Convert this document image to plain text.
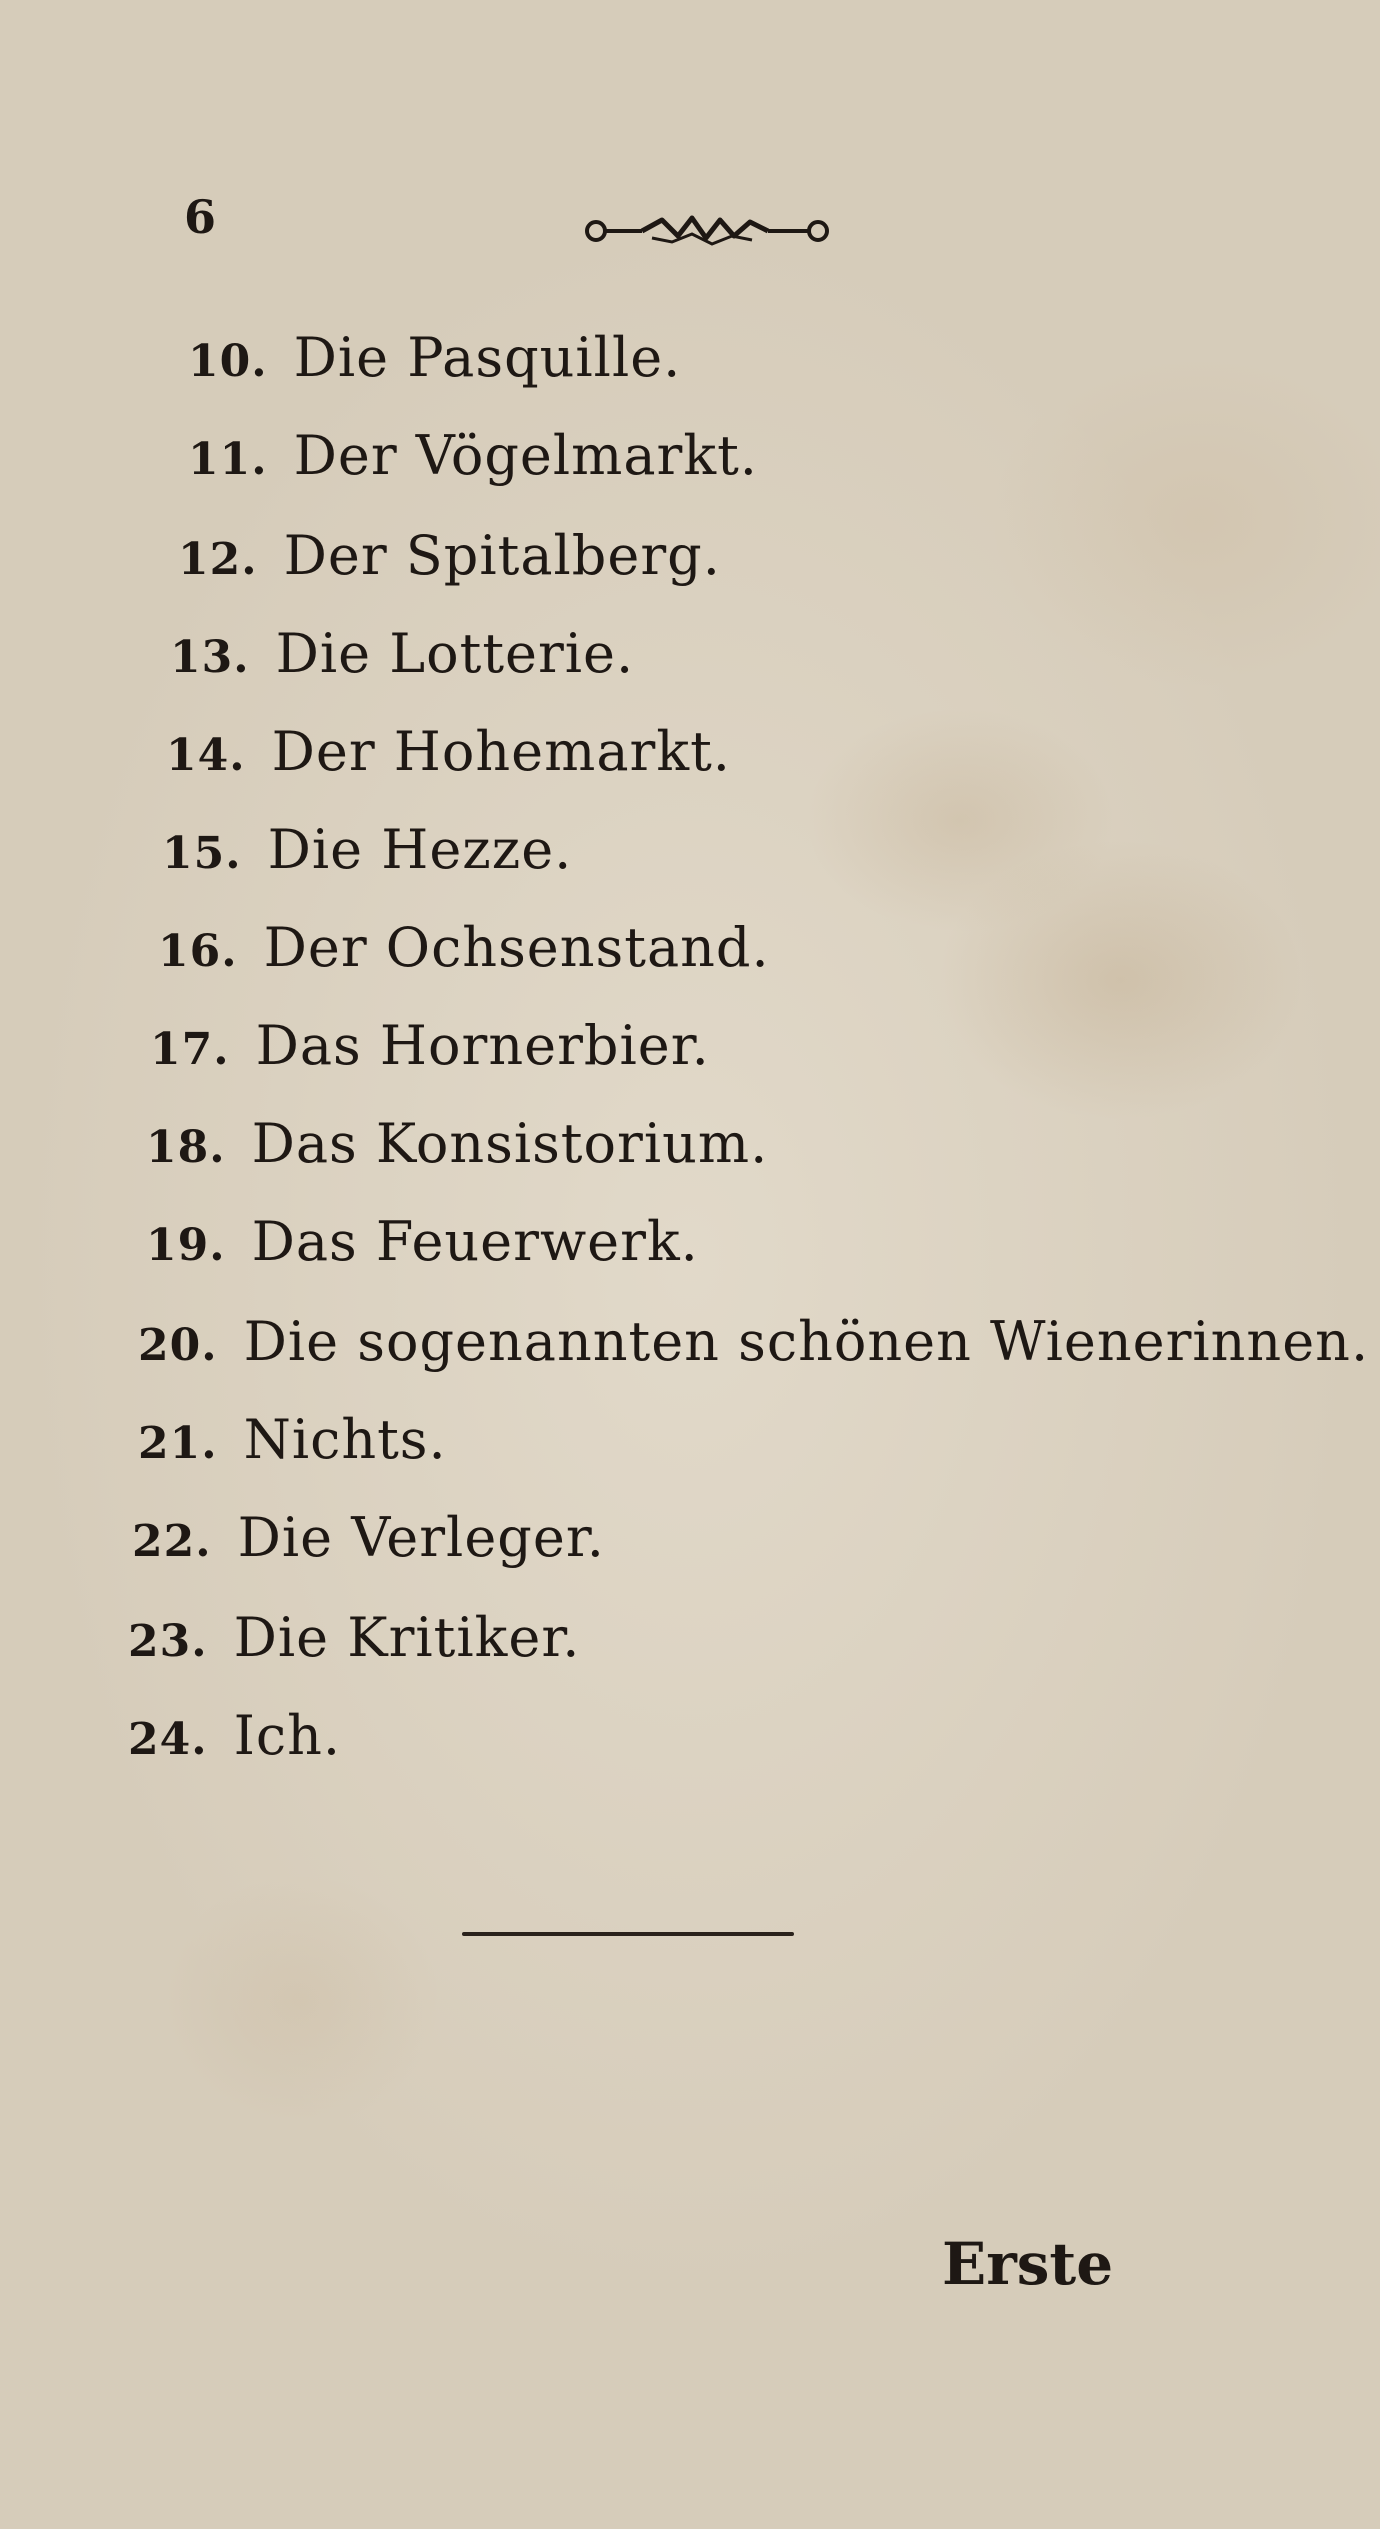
6
10. Die Pasquille.
11. Der Vögelmarkt.
12. Der Spitalberg.
13. Die Lotterie.
14. Der Hohemarkt.
15. Die Hezze.
16. Der Ochsenstand.
17. Das Hornerbier.
18. Das Konsistorium.
19. Das Feuerwerk.
20. Die sogenannten schönen Wienerinnen.
21. Nichts.
22. Die Verleger.
23. Die Kritiker.
24. Ich.
Erste
